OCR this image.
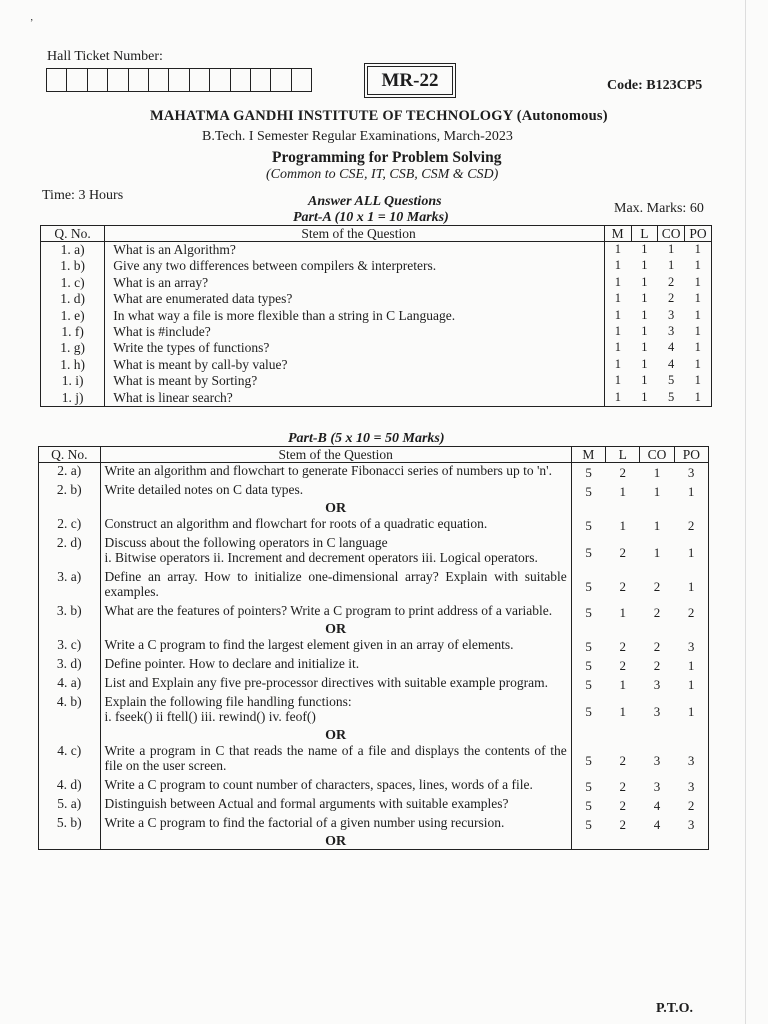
’
Hall Ticket Number:
MR-22	Code: B123CP5
MAHATMA GANDHI INSTITUTE OF TECHNOLOGY (Autonomous)
B.Tech. I Semester Regular Examinations, March-2023
Programming for Problem Solving
(Common to CSE, IT, CSB, CSM & CSD)
Time: 3 Hours	Answer ALL Questions	Max. Marks: 60
Part-A (10 x 1 = 10 Marks)
Q. No.	Stem of the Question	M	L	CO	PO
1. a)	What is an Algorithm?	1	1	1	1
1. b)	Give any two differences between compilers & interpreters.	1	1	1	1
1. c)	What is an array?	1	1	2	1
1. d)	What are enumerated data types?	1	1	2	1
1. e)	In what way a file is more flexible than a string in C Language.	1	1	3	1
1. f)	What is #include?	1	1	3	1
1. g)	Write the types of functions?	1	1	4	1
1. h)	What is meant by call-by value?	1	1	4	1
1. i)	What is meant by Sorting?	1	1	5	1
1. j)	What is linear search?	1	1	5	1
Part-B (5 x 10 = 50 Marks)
Q. No.	Stem of the Question	M	L	CO	PO
2. a)	Write an algorithm and flowchart to generate Fibonacci series of numbers up to 'n'.	5	2	1	3
2. b)	Write detailed notes on C data types.	5	1	1	1
	OR				
2. c)	Construct an algorithm and flowchart for roots of a quadratic equation.	5	1	1	2
2. d)	Discuss about the following operators in C language
i. Bitwise operators ii. Increment and decrement operators iii. Logical operators.	5	2	1	1
3. a)	Define an array. How to initialize one-dimensional array? Explain with suitable examples.	5	2	2	1
3. b)	What are the features of pointers? Write a C program to print address of a variable.	5	1	2	2
	OR				
3. c)	Write a C program to find the largest element given in an array of elements.	5	2	2	3
3. d)	Define pointer. How to declare and initialize it.	5	2	2	1
4. a)	List and Explain any five pre-processor directives with suitable example program.	5	1	3	1
4. b)	Explain the following file handling functions:
i. fseek() ii ftell() iii. rewind() iv. feof()	5	1	3	1
	OR				
4. c)	Write a program in C that reads the name of a file and displays the contents of the file on the user screen.	5	2	3	3
4. d)	Write a C program to count number of characters, spaces, lines, words of a file.	5	2	3	3
5. a)	Distinguish between Actual and formal arguments with suitable examples?	5	2	4	2
5. b)	Write a C program to find the factorial of a given number using recursion.	5	2	4	3
	OR				
P.T.O.
